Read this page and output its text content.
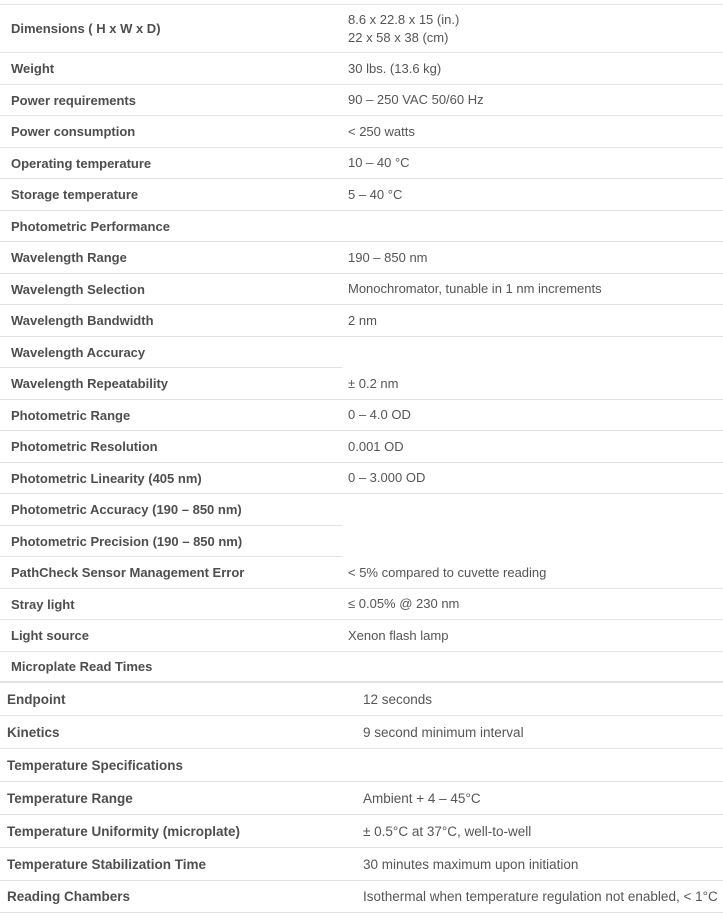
Dimensions ( H x W x D)
8.6 x 22.8 x 15 (in.)
22 x 58 x 38 (cm)
Weight	30 lbs. (13.6 kg)
Power requirements	90 – 250 VAC 50/60 Hz
Power consumption	< 250 watts
Operating temperature	10 – 40 °C
Storage temperature	5 – 40 °C
Photometric Performance
Wavelength Range	190 – 850 nm
Wavelength Selection	Monochromator, tunable in 1 nm increments
Wavelength Bandwidth	2 nm
Wavelength Accuracy
Wavelength Repeatability	± 0.2 nm
Photometric Range	0 – 4.0 OD
Photometric Resolution	0.001 OD
Photometric Linearity (405 nm)	0 – 3.000 OD
Photometric Accuracy (190 – 850 nm)
Photometric Precision (190 – 850 nm)
PathCheck Sensor Management Error	< 5% compared to cuvette reading
Stray light	≤ 0.05% @ 230 nm
Light source	Xenon flash lamp
Microplate Read Times
Endpoint	12 seconds
Kinetics	9 second minimum interval
Temperature Specifications
Temperature Range	Ambient + 4 – 45°C
Temperature Uniformity (microplate)	± 0.5°C at 37°C, well-to-well
Temperature Stabilization Time	30 minutes maximum upon initiation
Reading Chambers	Isothermal when temperature regulation not enabled, < 1°C
